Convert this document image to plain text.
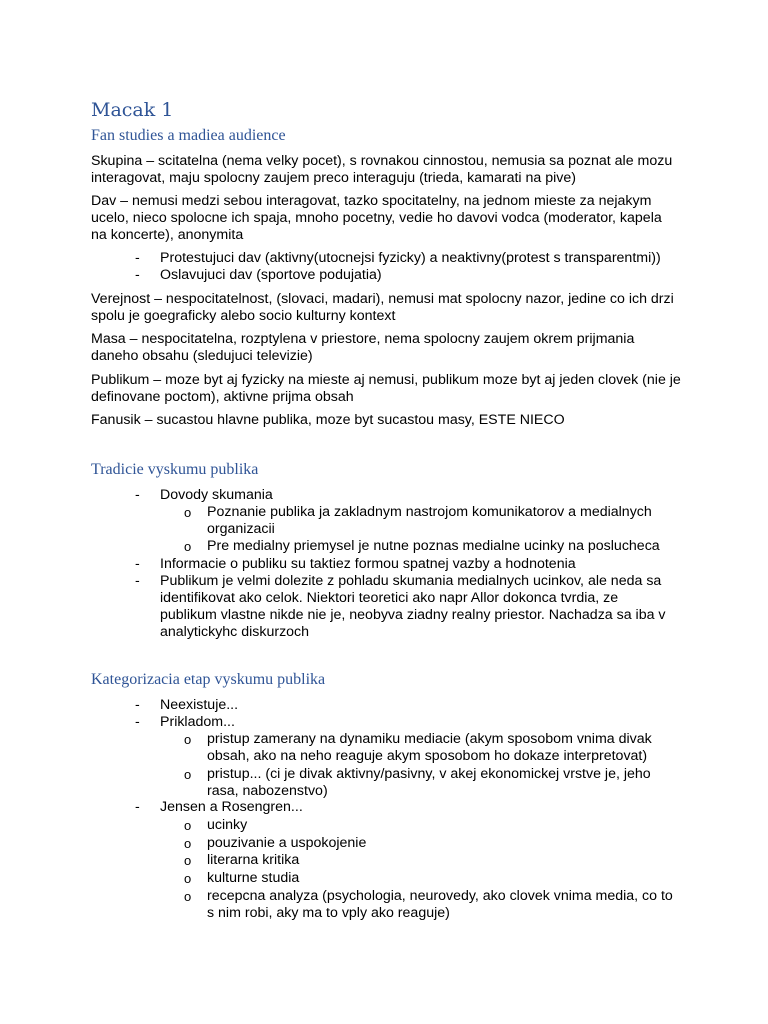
Macak 1
Fan studies a madiea audience
Skupina – scitatelna (nema velky pocet), s rovnakou cinnostou, nemusia sa poznat ale mozu interagovat, maju spolocny zaujem preco interaguju (trieda, kamarati na pive)
Dav – nemusi medzi sebou interagovat, tazko spocitatelny, na jednom mieste za nejakym ucelo, nieco spolocne ich spaja, mnoho pocetny, vedie ho davovi vodca (moderator, kapela na koncerte), anonymita
- Protestujuci dav (aktivny(utocnejsi fyzicky) a neaktivny(protest s transparentmi))
- Oslavujuci dav (sportove podujatia)
Verejnost – nespocitatelnost, (slovaci, madari), nemusi mat spolocny nazor, jedine co ich drzi spolu je goegraficky alebo socio kulturny kontext
Masa – nespocitatelna, rozptylena v priestore, nema spolocny zaujem okrem prijmania daneho obsahu (sledujuci televizie)
Publikum – moze byt aj fyzicky na mieste aj nemusi, publikum moze byt aj jeden clovek (nie je definovane poctom), aktivne prijma obsah
Fanusik – sucastou hlavne publika, moze byt sucastou masy, ESTE NIECO
Tradicie vyskumu publika
- Dovody skumania
o Poznanie publika ja zakladnym nastrojom komunikatorov a medialnych organizacii
o Pre medialny priemysel je nutne poznas medialne ucinky na poslucheca
- Informacie o publiku su taktiez formou spatnej vazby a hodnotenia
- Publikum je velmi dolezite z pohladu skumania medialnych ucinkov, ale neda sa identifikovat ako celok. Niektori teoretici ako napr Allor dokonca tvrdia, ze publikum vlastne nikde nie je, neobyva ziadny realny priestor. Nachadza sa iba v analytickyhc diskurzoch
Kategorizacia etap vyskumu publika
- Neexistuje...
- Prikladom...
o pristup zamerany na dynamiku mediacie (akym sposobom vnima divak obsah, ako na neho reaguje akym sposobom ho dokaze interpretovat)
o pristup... (ci je divak aktivny/pasivny, v akej ekonomickej vrstve je, jeho rasa, nabozenstvo)
- Jensen a Rosengren...
o ucinky
o pouzivanie a uspokojenie
o literarna kritika
o kulturne studia
o recepcna analyza (psychologia, neurovedy, ako clovek vnima media, co to s nim robi, aky ma to vply ako reaguje)
